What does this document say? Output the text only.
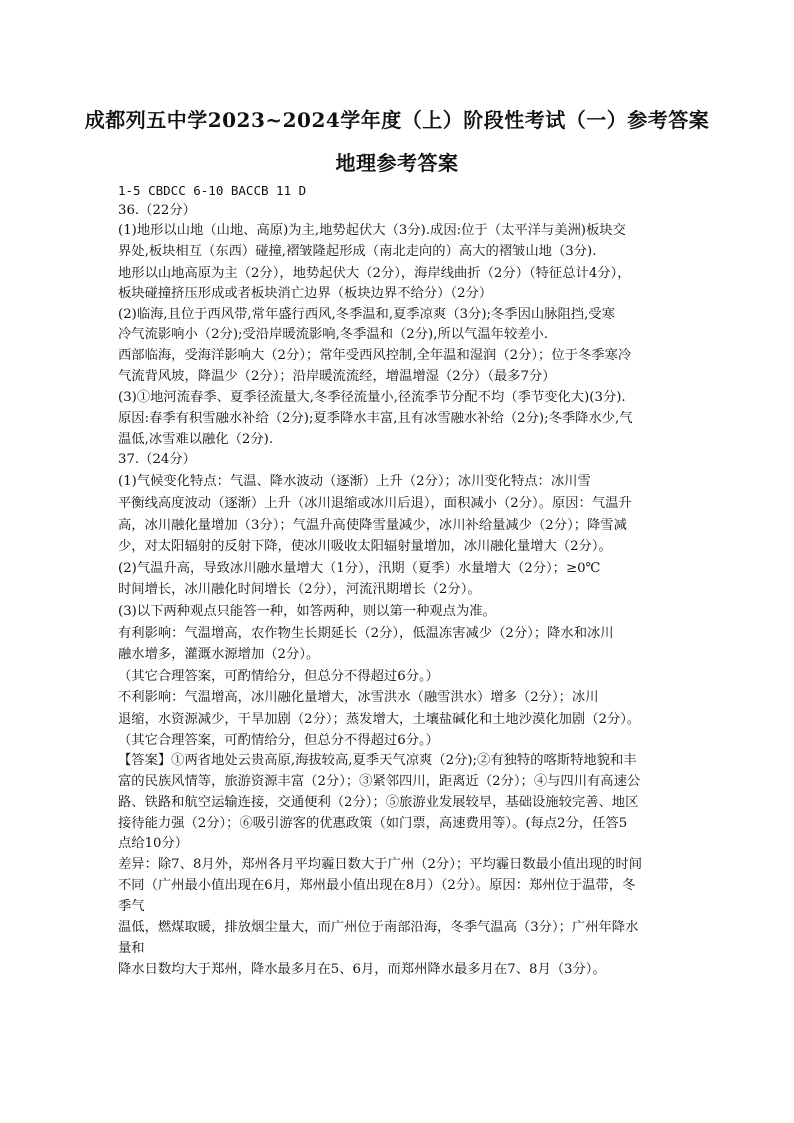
成都列五中学2023~2024学年度（上）阶段性考试（一）参考答案
地理参考答案
1-5 CBDCC 6-10 BACCB 11 D
36.（22分）
(1)地形以山地（山地、高原)为主,地势起伏大（3分).成因:位于（太平洋与美洲)板块交
界处,板块相互（东西）碰撞,褶皱隆起形成（南北走向的）高大的褶皱山地（3分).
地形以山地高原为主（2分），地势起伏大（2分），海岸线曲折（2分）（特征总计4分），
板块碰撞挤压形成或者板块消亡边界（板块边界不给分）（2分）
(2)临海,且位于西风带,常年盛行西风,冬季温和,夏季凉爽（3分);冬季因山脉阻挡,受寒
冷气流影响小（2分);受沿岸暖流影响,冬季温和（2分),所以气温年较差小.
西部临海，受海洋影响大（2分）；常年受西风控制,全年温和湿润（2分）；位于冬季寒冷
气流背风坡，降温少（2分）；沿岸暖流流经，增温增湿（2分）（最多7分）
(3)①地河流春季、夏季径流量大,冬季径流量小,径流季节分配不均（季节变化大)(3分).
原因:春季有积雪融水补给（2分);夏季降水丰富,且有冰雪融水补给（2分);冬季降水少,气
温低,冰雪难以融化（2分).
37.（24分）
(1)气候变化特点：气温、降水波动（逐渐）上升（2分）；冰川变化特点：冰川雪
平衡线高度波动（逐渐）上升（冰川退缩或冰川后退），面积减小（2分）。原因：气温升
高，冰川融化量增加（3分）；气温升高使降雪量减少，冰川补给量减少（2分）；降雪减
少，对太阳辐射的反射下降，使冰川吸收太阳辐射量增加，冰川融化量增大（2分）。
(2)气温升高，导致冰川融水量增大（1分），汛期（夏季）水量增大（2分）；≥0℃
时间增长，冰川融化时间增长（2分），河流汛期增长（2分）。
(3)以下两种观点只能答一种，如答两种，则以第一种观点为准。
有利影响：气温增高，农作物生长期延长（2分），低温冻害减少（2分）；降水和冰川
融水增多，灌溉水源增加（2分）。
（其它合理答案，可酌情给分，但总分不得超过6分。）
不利影响：气温增高，冰川融化量增大，冰雪洪水（融雪洪水）增多（2分）；冰川
退缩，水资源减少，干旱加剧（2分）；蒸发增大，土壤盐碱化和土地沙漠化加剧（2分）。
（其它合理答案，可酌情给分，但总分不得超过6分。）
【答案】①两省地处云贵高原,海拔较高,夏季天气凉爽（2分);②有独特的喀斯特地貌和丰
富的民族风情等，旅游资源丰富（2分）；③紧邻四川，距离近（2分）；④与四川有高速公
路、铁路和航空运输连接，交通便利（2分）；⑤旅游业发展较早，基础设施较完善、地区
接待能力强（2分）；⑥吸引游客的优惠政策（如门票，高速费用等）。(每点2分，任答5
点给10分）
差异：除7、8月外，郑州各月平均霾日数大于广州（2分）；平均霾日数最小值出现的时间
不同（广州最小值出现在6月，郑州最小值出现在8月）（2分）。原因：郑州位于温带，冬
季气
温低，燃煤取暖，排放烟尘量大，而广州位于南部沿海，冬季气温高（3分）；广州年降水
量和
降水日数均大于郑州，降水最多月在5、6月，而郑州降水最多月在7、8月（3分）。
